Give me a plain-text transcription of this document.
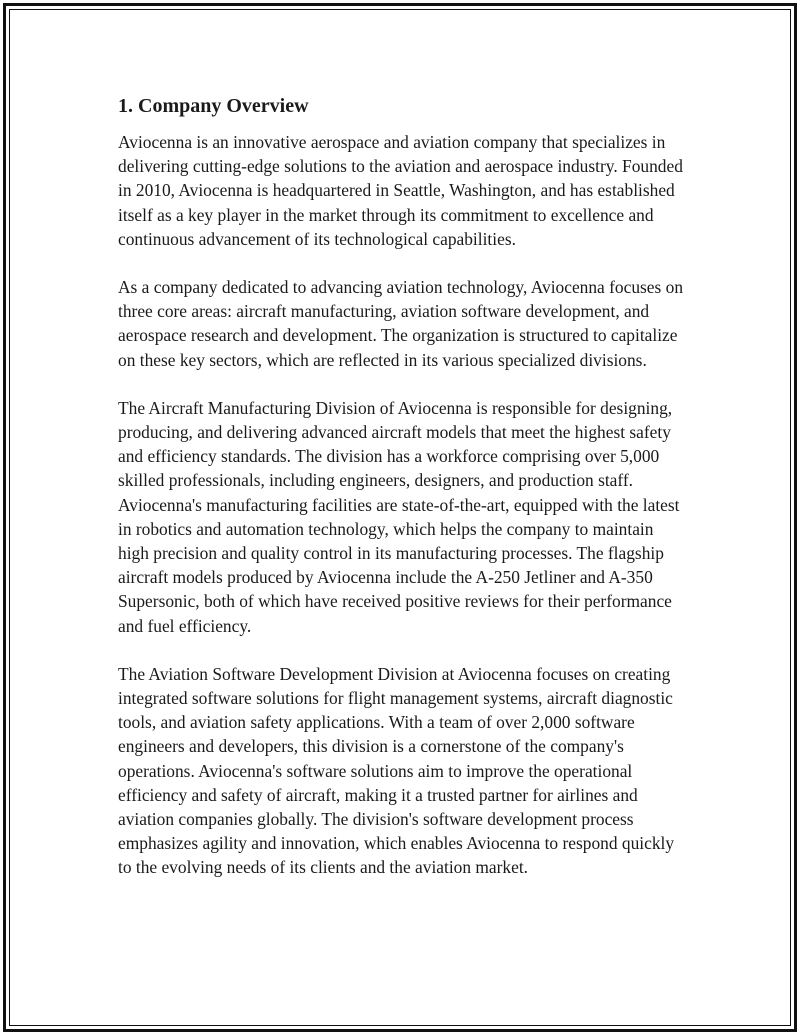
1. Company Overview

Aviocenna is an innovative aerospace and aviation company that specializes in delivering cutting-edge solutions to the aviation and aerospace industry. Founded in 2010, Aviocenna is headquartered in Seattle, Washington, and has established itself as a key player in the market through its commitment to excellence and continuous advancement of its technological capabilities.

As a company dedicated to advancing aviation technology, Aviocenna focuses on three core areas: aircraft manufacturing, aviation software development, and aerospace research and development. The organization is structured to capitalize on these key sectors, which are reflected in its various specialized divisions.

The Aircraft Manufacturing Division of Aviocenna is responsible for designing, producing, and delivering advanced aircraft models that meet the highest safety and efficiency standards. The division has a workforce comprising over 5,000 skilled professionals, including engineers, designers, and production staff. Aviocenna's manufacturing facilities are state-of-the-art, equipped with the latest in robotics and automation technology, which helps the company to maintain high precision and quality control in its manufacturing processes. The flagship aircraft models produced by Aviocenna include the A-250 Jetliner and A-350 Supersonic, both of which have received positive reviews for their performance and fuel efficiency.

The Aviation Software Development Division at Aviocenna focuses on creating integrated software solutions for flight management systems, aircraft diagnostic tools, and aviation safety applications. With a team of over 2,000 software engineers and developers, this division is a cornerstone of the company's operations. Aviocenna's software solutions aim to improve the operational efficiency and safety of aircraft, making it a trusted partner for airlines and aviation companies globally. The division's software development process emphasizes agility and innovation, which enables Aviocenna to respond quickly to the evolving needs of its clients and the aviation market.
